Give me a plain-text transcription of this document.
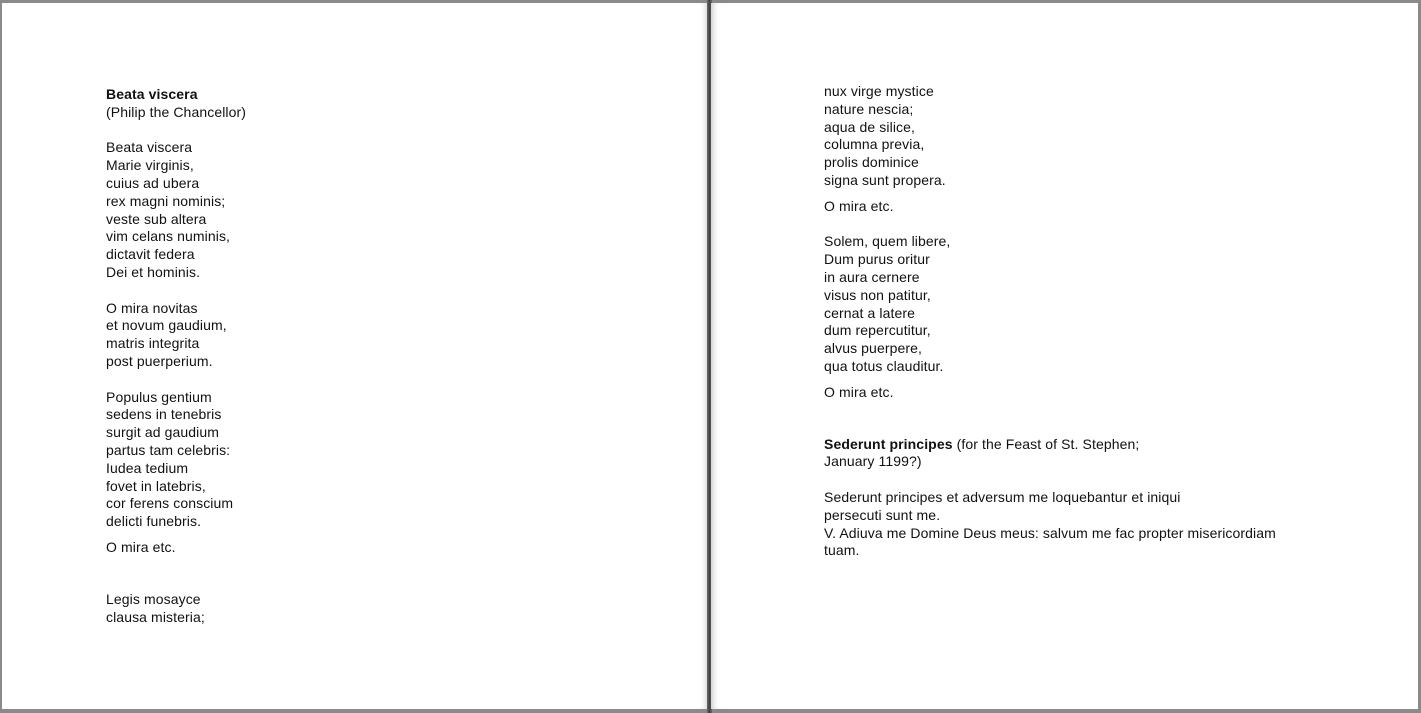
Beata viscera
(Philip the Chancellor)
Beata viscera
Marie virginis,
cuius ad ubera
rex magni nominis;
veste sub altera
vim celans numinis,
dictavit federa
Dei et hominis.
O mira novitas
et novum gaudium,
matris integrita
post puerperium.
Populus gentium
sedens in tenebris
surgit ad gaudium
partus tam celebris:
Iudea tedium
fovet in latebris,
cor ferens conscium
delicti funebris.
O mira etc.
Legis mosayce
clausa misteria;
nux virge mystice
nature nescia;
aqua de silice,
columna previa,
prolis dominice
signa sunt propera.
O mira etc.
Solem, quem libere,
Dum purus oritur
in aura cernere
visus non patitur,
cernat a latere
dum repercutitur,
alvus puerpere,
qua totus clauditur.
O mira etc.
Sederunt principes (for the Feast of St. Stephen;
January 1199?)
Sederunt principes et adversum me loquebantur et iniqui
persecuti sunt me.
V. Adiuva me Domine Deus meus: salvum me fac propter misericordiam
tuam.
